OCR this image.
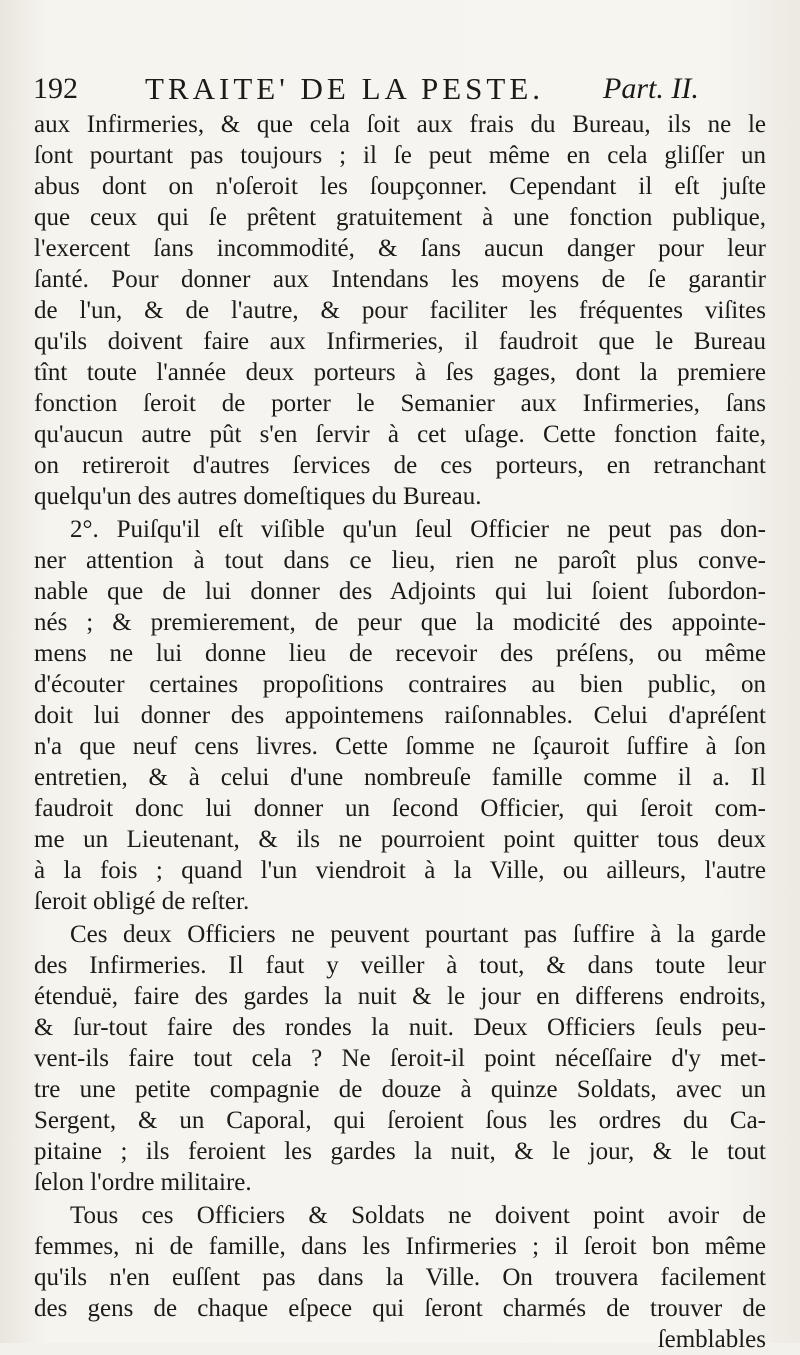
192 TRAITE' DE LA PESTE. Part. II.
aux Infirmeries, & que cela ſoit aux frais du Bureau, ils ne le
ſont pourtant pas toujours ; il ſe peut même en cela gliſſer un
abus dont on n'oſeroit les ſoupçonner. Cependant il eſt juſte
que ceux qui ſe prêtent gratuitement à une fonction publique,
l'exercent ſans incommodité, & ſans aucun danger pour leur
ſanté. Pour donner aux Intendans les moyens de ſe garantir
de l'un, & de l'autre, & pour faciliter les fréquentes viſites
qu'ils doivent faire aux Infirmeries, il faudroit que le Bureau
tînt toute l'année deux porteurs à ſes gages, dont la premiere
fonction ſeroit de porter le Semanier aux Infirmeries, ſans
qu'aucun autre pût s'en ſervir à cet uſage. Cette fonction faite,
on retireroit d'autres ſervices de ces porteurs, en retranchant
quelqu'un des autres domeſtiques du Bureau.
2°. Puiſqu'il eſt viſible qu'un ſeul Officier ne peut pas don-
ner attention à tout dans ce lieu, rien ne paroît plus conve-
nable que de lui donner des Adjoints qui lui ſoient ſubordon-
nés ; & premierement, de peur que la modicité des appointe-
mens ne lui donne lieu de recevoir des préſens, ou même
d'écouter certaines propoſitions contraires au bien public, on
doit lui donner des appointemens raiſonnables. Celui d'apréſent
n'a que neuf cens livres. Cette ſomme ne ſçauroit ſuffire à ſon
entretien, & à celui d'une nombreuſe famille comme il a. Il
faudroit donc lui donner un ſecond Officier, qui ſeroit com-
me un Lieutenant, & ils ne pourroient point quitter tous deux
à la fois ; quand l'un viendroit à la Ville, ou ailleurs, l'autre
ſeroit obligé de reſter.
Ces deux Officiers ne peuvent pourtant pas ſuffire à la garde
des Infirmeries. Il faut y veiller à tout, & dans toute leur
étenduë, faire des gardes la nuit & le jour en differens endroits,
& ſur-tout faire des rondes la nuit. Deux Officiers ſeuls peu-
vent-ils faire tout cela ? Ne ſeroit-il point néceſſaire d'y met-
tre une petite compagnie de douze à quinze Soldats, avec un
Sergent, & un Caporal, qui ſeroient ſous les ordres du Ca-
pitaine ; ils feroient les gardes la nuit, & le jour, & le tout
ſelon l'ordre militaire.
Tous ces Officiers & Soldats ne doivent point avoir de
femmes, ni de famille, dans les Infirmeries ; il ſeroit bon même
qu'ils n'en euſſent pas dans la Ville. On trouvera facilement
des gens de chaque eſpece qui ſeront charmés de trouver de
ſemblables
